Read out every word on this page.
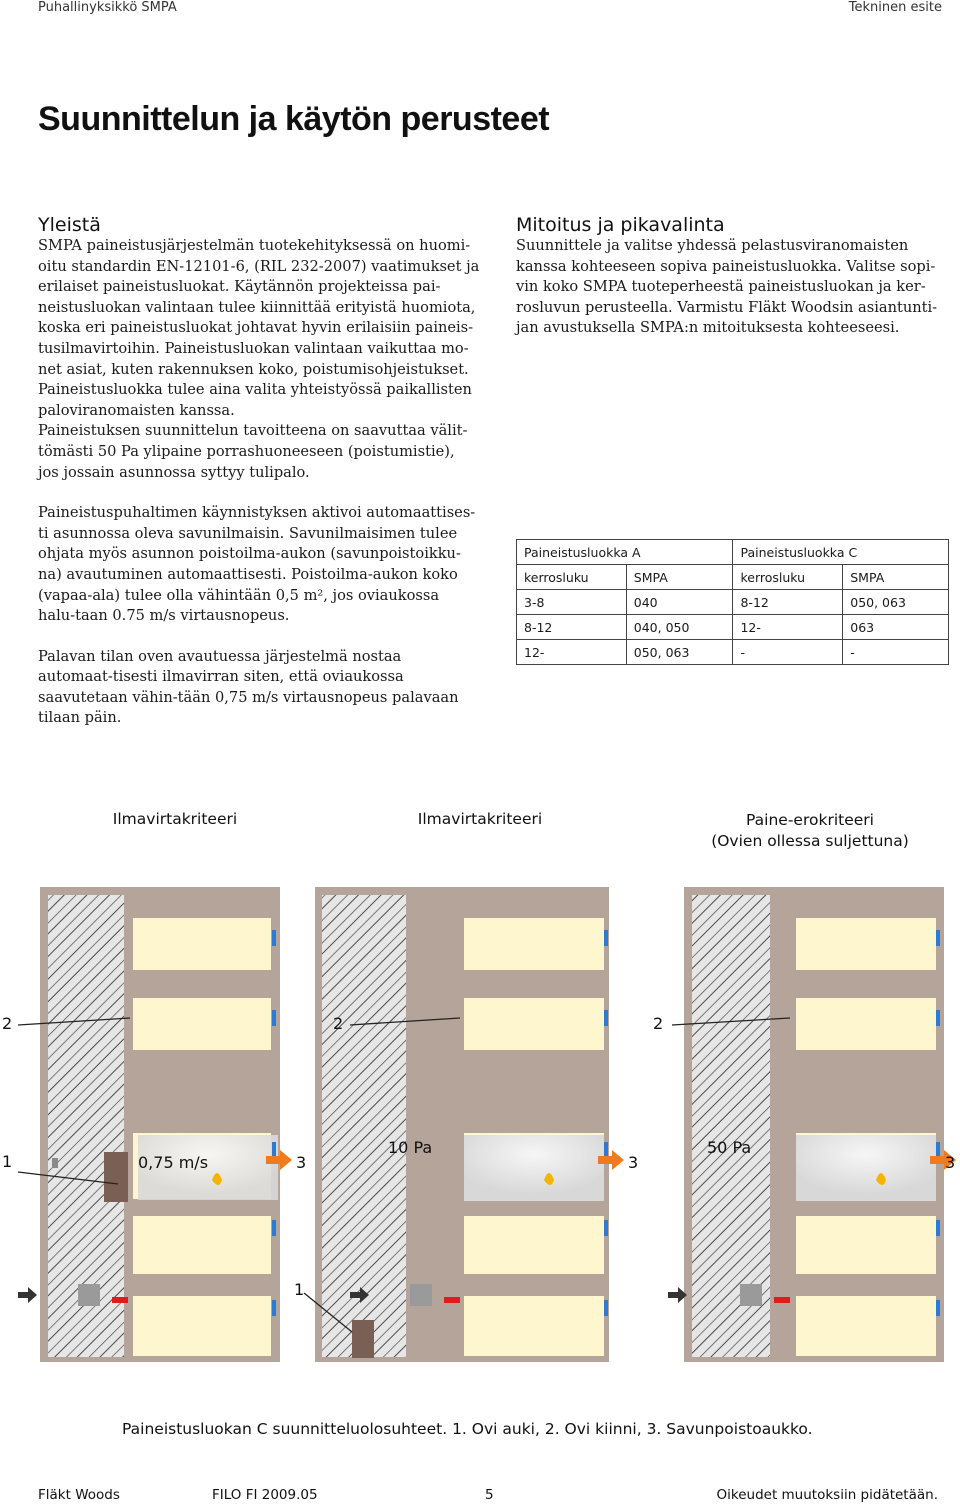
Puhallinyksikkö SMPA	Tekninen esite
Suunnittelun ja käytön perusteet
Yleistä

SMPA paineistusjärjestelmän tuotekehityksessä on huomi-oitu standardin EN-12101-6, (RIL 232-2007) vaatimukset ja erilaiset paineistusluokat. Käytännön projekteissa pai-neistusluokan valintaan tulee kiinnittää erityistä huomiota, koska eri paineistusluokat johtavat hyvin erilaisiin paineis-tusilmavirtoihin. Paineistusluokan valintaan vaikuttaa mo-net asiat, kuten rakennuksen koko, poistumisohjeistukset. Paineistusluokka tulee aina valita yhteistyössä paikallisten paloviranomaisten kanssa.

Paineistuksen suunnittelun tavoitteena on saavuttaa välit-tömästi 50 Pa ylipaine porrashuoneeseen (poistumistie), jos jossain asunnossa syttyy tulipalo.

Paineistuspuhaltimen käynnistyksen aktivoi automaattises-ti asunnossa oleva savunilmaisin. Savunilmaisimen tulee ohjata myös asunnon poistoilma-aukon (savunpoistoikku-na) avautuminen automaattisesti. Poistoilma-aukon koko (vapaa-ala) tulee olla vähintään 0,5 m², jos oviaukossa halu-taan 0.75 m/s virtausnopeus.

Palavan tilan oven avautuessa järjestelmä nostaa automaat-tisesti ilmavirran siten, että oviaukossa saavutetaan vähin-tään 0,75 m/s virtausnopeus palavaan tilaan päin.

Mitoitus ja pikavalinta
Suunnittele ja valitse yhdessä pelastusviranomaisten kanssa kohteeseen sopiva paineistusluokka. Valitse sopi-vin koko SMPA tuoteperheestä paineistusluokan ja ker-rosluvun perusteella. Varmistu Fläkt Woodsin asiantunti-jan avustuksella SMPA:n mitoituksesta kohteeseesi.
Paineistusluokka A		Paineistusluokka C	
kerrosluku	SMPA	kerrosluku	SMPA
3-8	040	8-12	050, 063
8-12	040, 050	12-	063
12-	050, 063	-	-
Ilmavirtakriteeri	Ilmavirtakriteeri	Paine-erokriteeri
(Ovien ollessa suljettuna)
2	2	2
1
1
3	3	3
0,75 m/s
10 Pa	50 Pa
Paineistusluokan C suunnitteluolosuhteet. 1. Ovi auki, 2. Ovi kiinni, 3. Savunpoistoaukko.
Fläkt Woods	FILO FI 2009.05	5	Oikeudet muutoksiin pidätetään.
